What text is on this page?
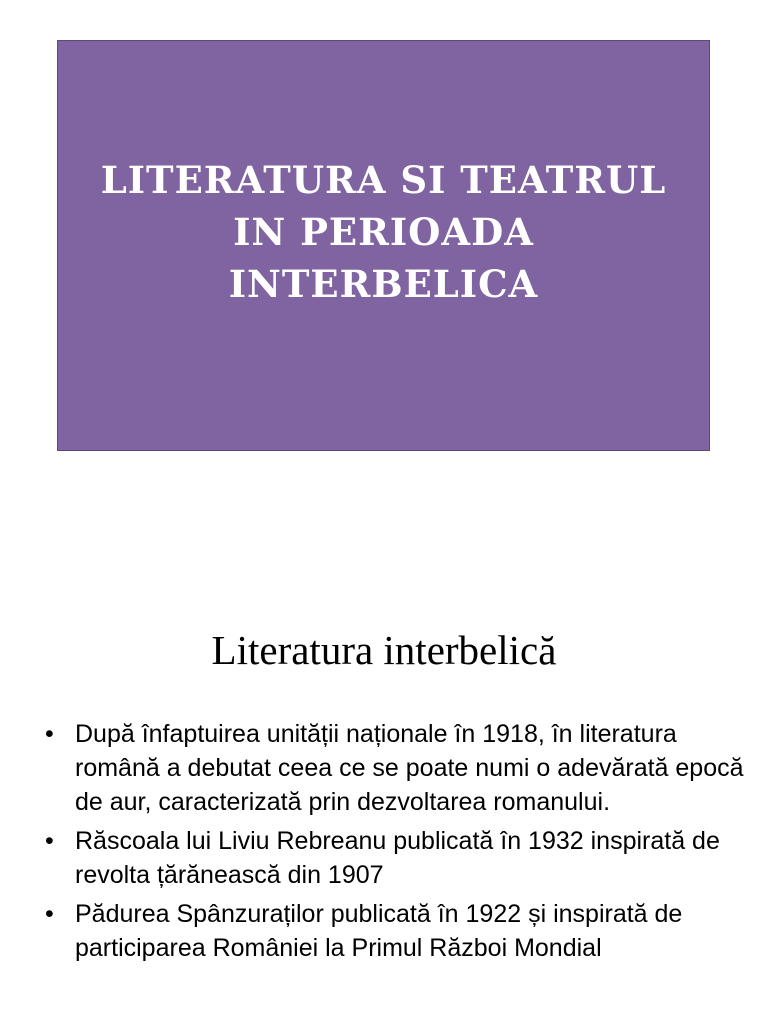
LITERATURA SI TEATRUL IN PERIOADA INTERBELICA
Literatura interbelică
• După înfaptuirea unității naționale în 1918, în literatura română a debutat ceea ce se poate numi o adevărată epocă de aur, caracterizată prin dezvoltarea romanului.
• Răscoala lui Liviu Rebreanu publicată în 1932 inspirată de revolta țărănească din 1907
• Pădurea Spânzuraților publicată în 1922 și inspirată de participarea României la Primul Război Mondial
